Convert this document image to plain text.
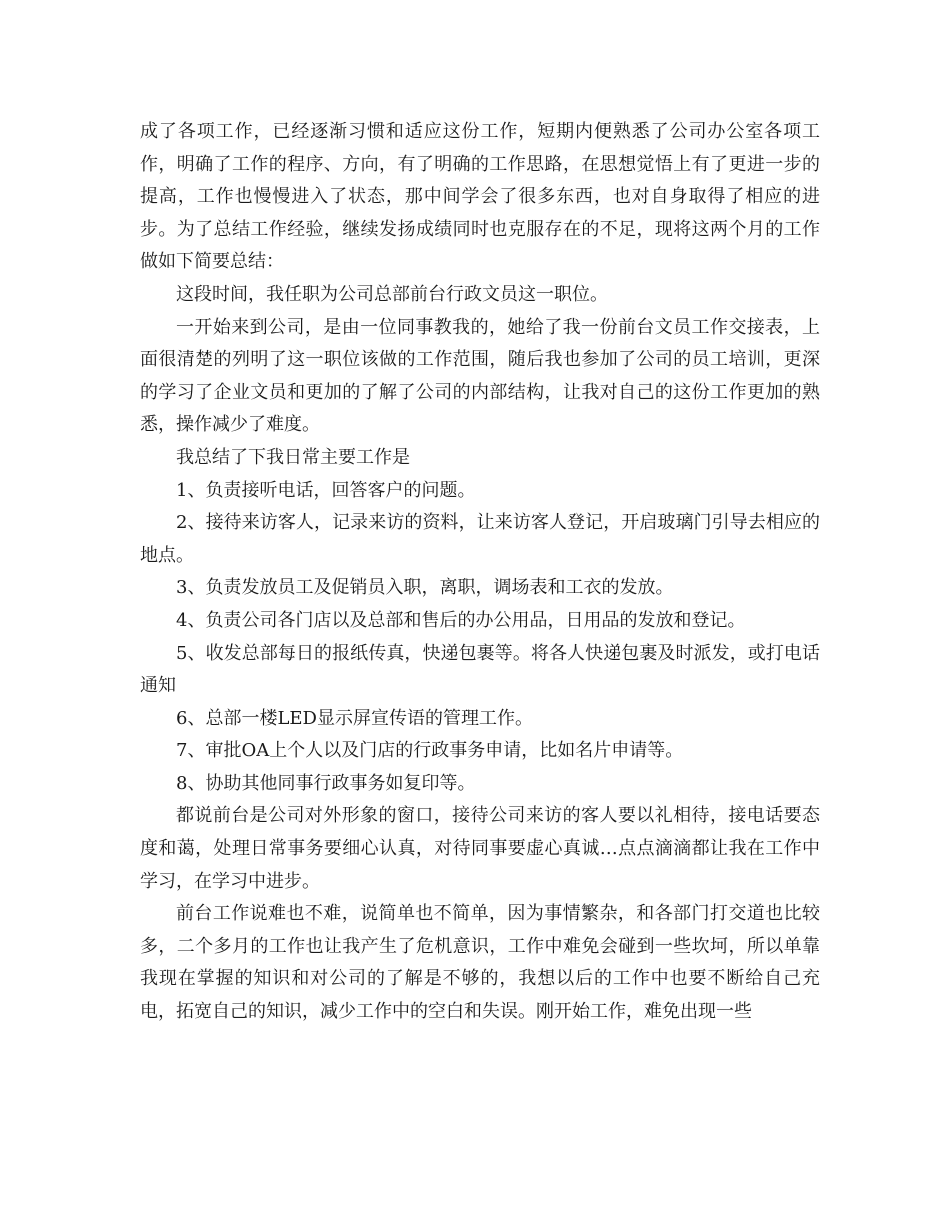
成了各项工作，已经逐渐习惯和适应这份工作，短期内便熟悉了公司办公室各项工作，明确了工作的程序、方向，有了明确的工作思路，在思想觉悟上有了更进一步的提高，工作也慢慢进入了状态，那中间学会了很多东西，也对自身取得了相应的进步。为了总结工作经验，继续发扬成绩同时也克服存在的不足，现将这两个月的工作做如下简要总结：

这段时间，我任职为公司总部前台行政文员这一职位。

一开始来到公司，是由一位同事教我的，她给了我一份前台文员工作交接表，上面很清楚的列明了这一职位该做的工作范围，随后我也参加了公司的员工培训，更深的学习了企业文员和更加的了解了公司的内部结构，让我对自己的这份工作更加的熟悉，操作减少了难度。

我总结了下我日常主要工作是

1、负责接听电话，回答客户的问题。

2、接待来访客人，记录来访的资料，让来访客人登记，开启玻璃门引导去相应的地点。

3、负责发放员工及促销员入职，离职，调场表和工衣的发放。

4、负责公司各门店以及总部和售后的办公用品，日用品的发放和登记。

5、收发总部每日的报纸传真，快递包裹等。将各人快递包裹及时派发，或打电话通知

6、总部一楼LED显示屏宣传语的管理工作。

7、审批OA上个人以及门店的行政事务申请，比如名片申请等。

8、协助其他同事行政事务如复印等。

都说前台是公司对外形象的窗口，接待公司来访的客人要以礼相待，接电话要态度和蔼，处理日常事务要细心认真，对待同事要虚心真诚…点点滴滴都让我在工作中学习，在学习中进步。

前台工作说难也不难，说简单也不简单，因为事情繁杂，和各部门打交道也比较多，二个多月的工作也让我产生了危机意识，工作中难免会碰到一些坎坷，所以单靠我现在掌握的知识和对公司的了解是不够的，我想以后的工作中也要不断给自己充电，拓宽自己的知识，减少工作中的空白和失误。刚开始工作，难免出现一些
